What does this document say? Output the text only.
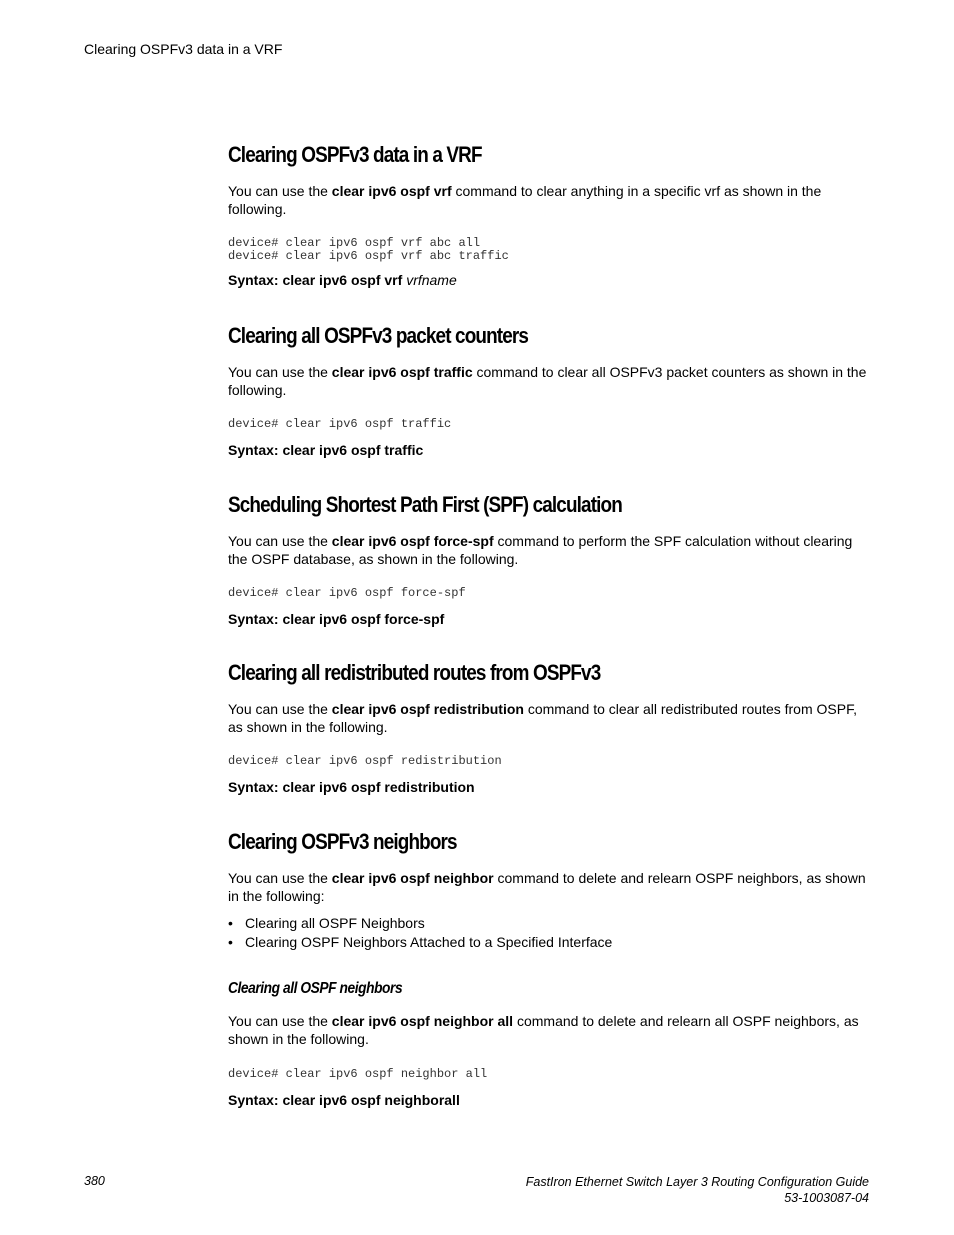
Clearing OSPFv3 data in a VRF
Clearing OSPFv3 data in a VRF

You can use the clear ipv6 ospf vrf command to clear anything in a specific vrf as shown in the following.

device# clear ipv6 ospf vrf abc all
device# clear ipv6 ospf vrf abc traffic

Syntax: clear ipv6 ospf vrf vrfname

Clearing all OSPFv3 packet counters

You can use the clear ipv6 ospf traffic command to clear all OSPFv3 packet counters as shown in the following.

device# clear ipv6 ospf traffic

Syntax: clear ipv6 ospf traffic

Scheduling Shortest Path First (SPF) calculation

You can use the clear ipv6 ospf force-spf command to perform the SPF calculation without clearing the OSPF database, as shown in the following.

device# clear ipv6 ospf force-spf

Syntax: clear ipv6 ospf force-spf

Clearing all redistributed routes from OSPFv3

You can use the clear ipv6 ospf redistribution command to clear all redistributed routes from OSPF, as shown in the following.

device# clear ipv6 ospf redistribution

Syntax: clear ipv6 ospf redistribution

Clearing OSPFv3 neighbors

You can use the clear ipv6 ospf neighbor command to delete and relearn OSPF neighbors, as shown in the following:

• Clearing all OSPF Neighbors
• Clearing OSPF Neighbors Attached to a Specified Interface
Clearing all OSPF neighbors

You can use the clear ipv6 ospf neighbor all command to delete and relearn all OSPF neighbors, as shown in the following.

device# clear ipv6 ospf neighbor all

Syntax: clear ipv6 ospf neighborall

380	FastIron Ethernet Switch Layer 3 Routing Configuration Guide
53-1003087-04
